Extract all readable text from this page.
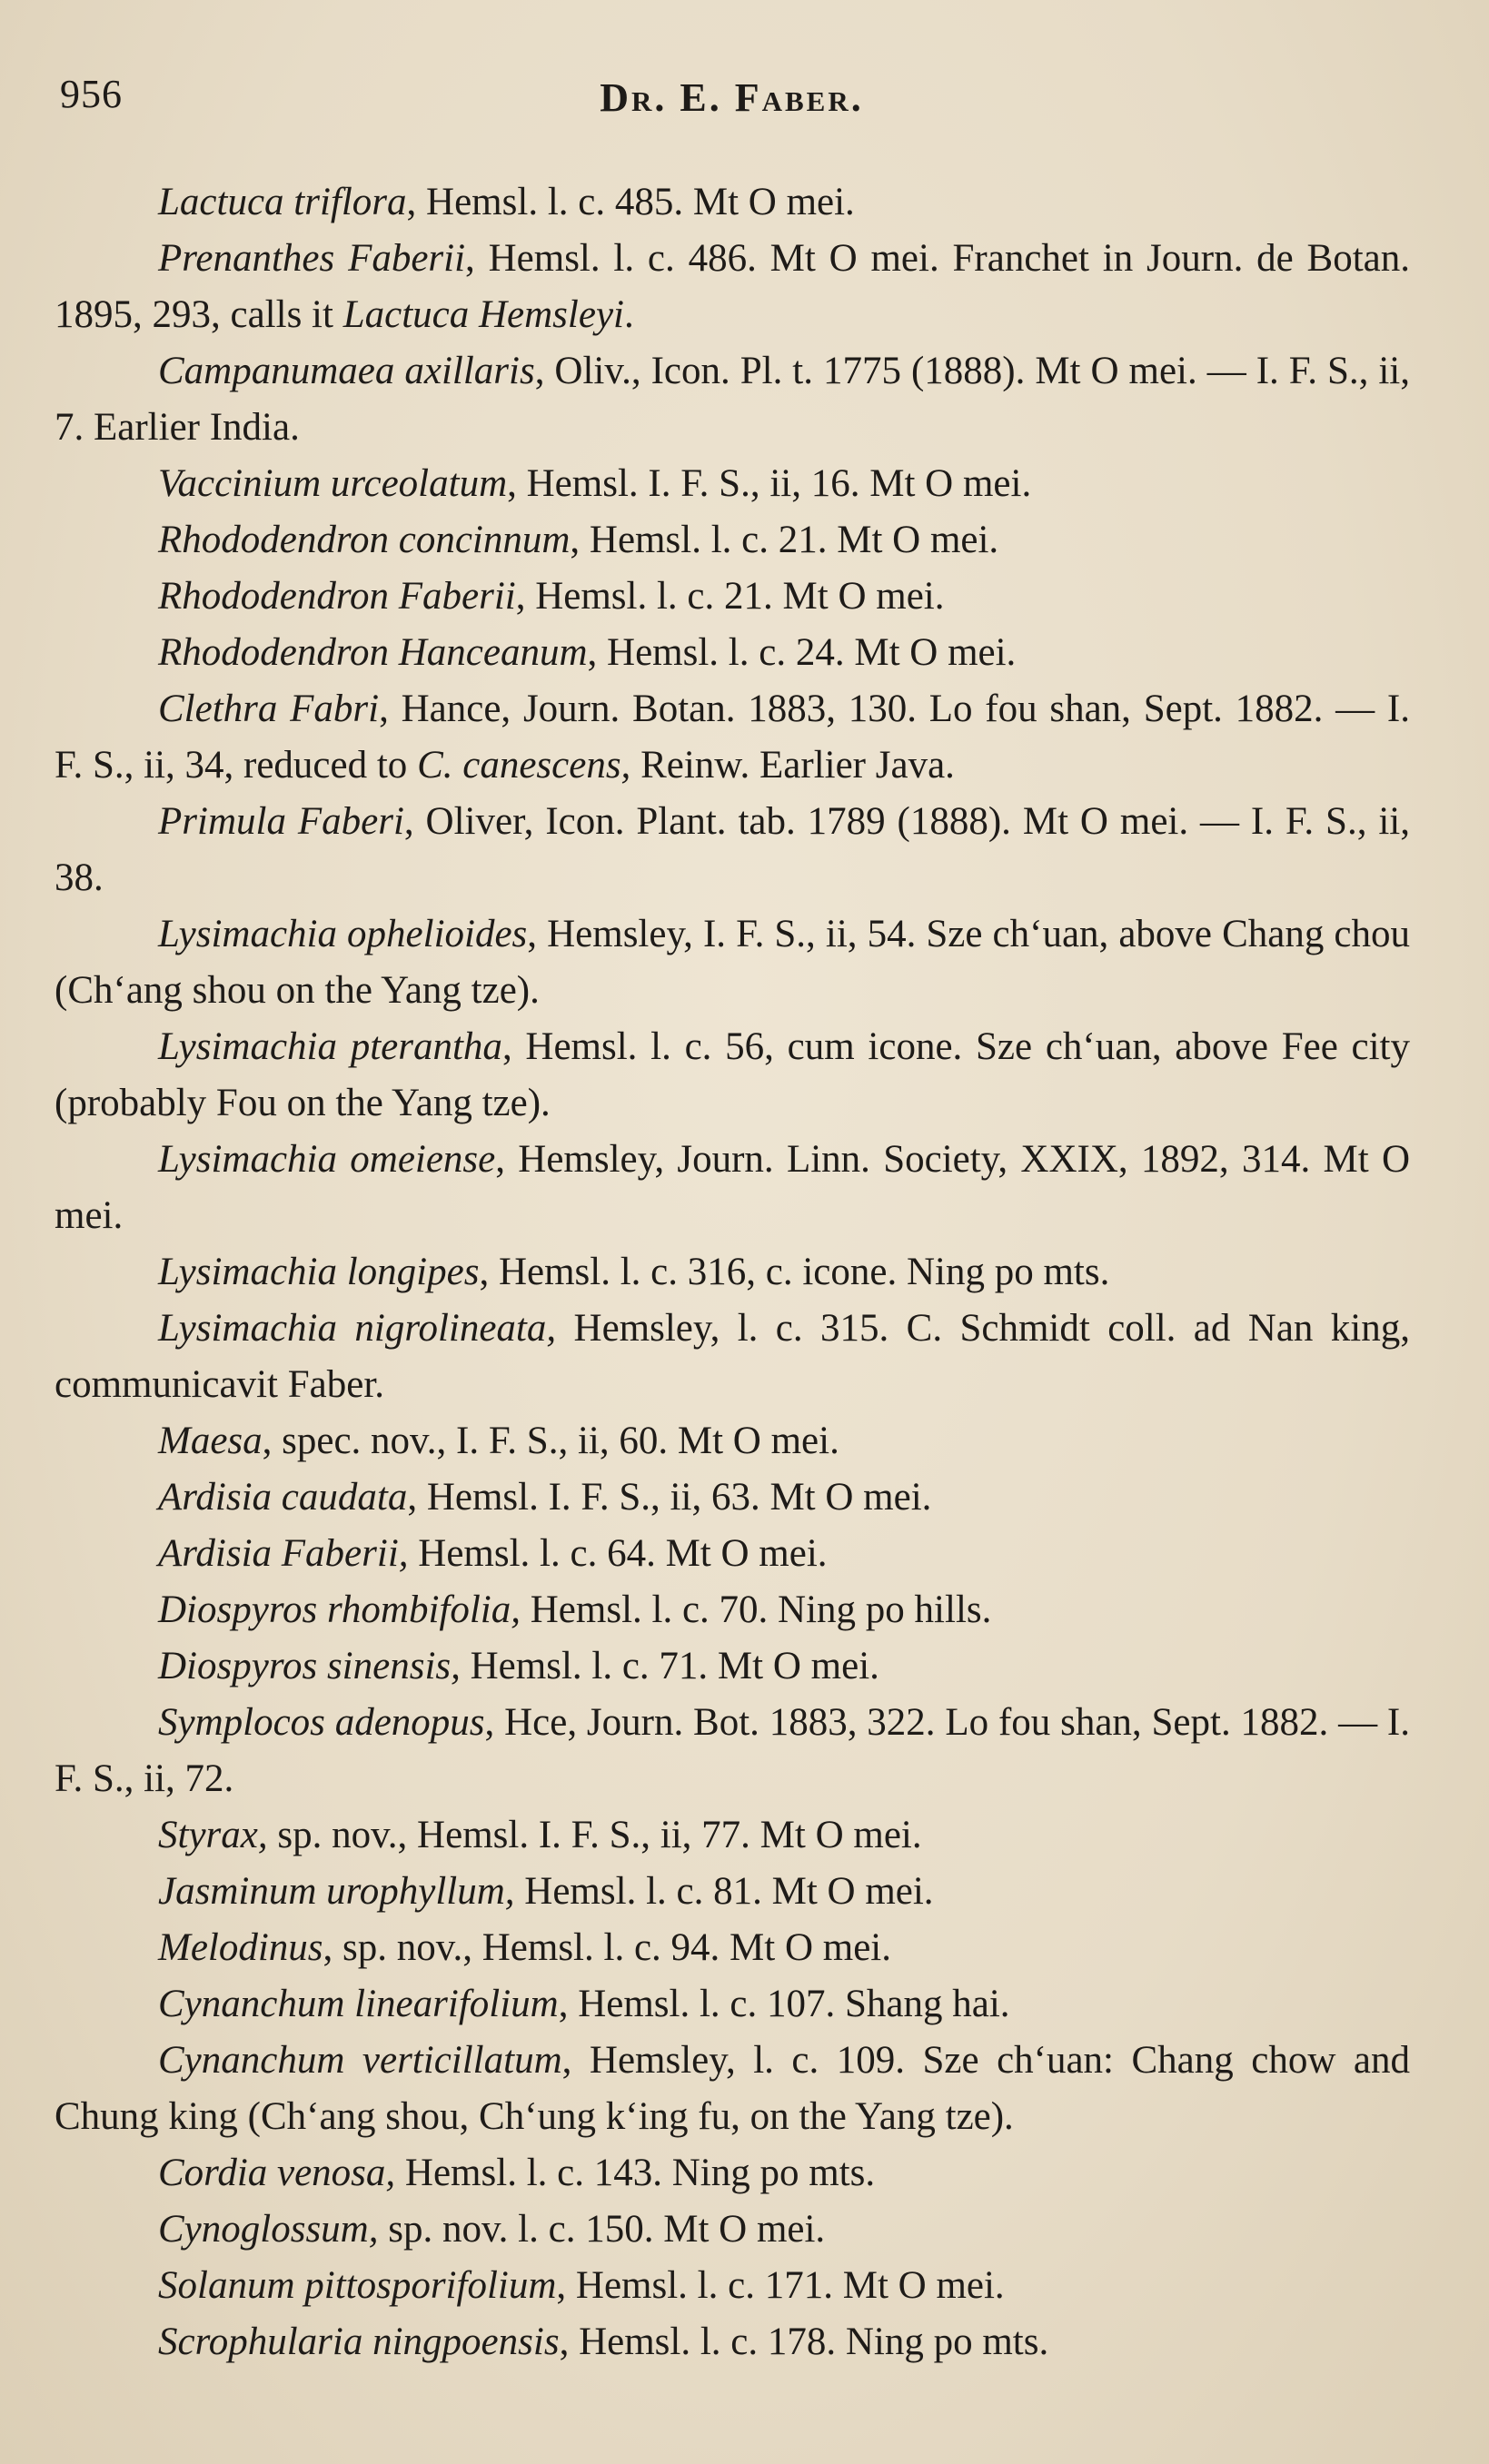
956	Dr. E. Faber.

Lactuca triflora, Hemsl. l. c. 485. Mt O mei.

Prenanthes Faberii, Hemsl. l. c. 486. Mt O mei. Franchet in Journ. de Botan. 1895, 293, calls it Lactuca Hemsleyi.

Campanumaea axillaris, Oliv., Icon. Pl. t. 1775 (1888). Mt O mei. — I. F. S., ii, 7. Earlier India.

Vaccinium urceolatum, Hemsl. I. F. S., ii, 16. Mt O mei.

Rhododendron concinnum, Hemsl. l. c. 21. Mt O mei.

Rhododendron Faberii, Hemsl. l. c. 21. Mt O mei.

Rhododendron Hanceanum, Hemsl. l. c. 24. Mt O mei.

Clethra Fabri, Hance, Journ. Botan. 1883, 130. Lo fou shan, Sept. 1882. — I. F. S., ii, 34, reduced to C. canescens, Reinw. Earlier Java.

Primula Faberi, Oliver, Icon. Plant. tab. 1789 (1888). Mt O mei. — I. F. S., ii, 38.

Lysimachia ophelioides, Hemsley, I. F. S., ii, 54. Sze chʻuan, above Chang chou (Chʻang shou on the Yang tze).

Lysimachia pterantha, Hemsl. l. c. 56, cum icone. Sze chʻuan, above Fee city (probably Fou on the Yang tze).

Lysimachia omeiense, Hemsley, Journ. Linn. Society, XXIX, 1892, 314. Mt O mei.

Lysimachia longipes, Hemsl. l. c. 316, c. icone. Ning po mts.

Lysimachia nigrolineata, Hemsley, l. c. 315. C. Schmidt coll. ad Nan king, communicavit Faber.

Maesa, spec. nov., I. F. S., ii, 60. Mt O mei.

Ardisia caudata, Hemsl. I. F. S., ii, 63. Mt O mei.

Ardisia Faberii, Hemsl. l. c. 64. Mt O mei.

Diospyros rhombifolia, Hemsl. l. c. 70. Ning po hills.

Diospyros sinensis, Hemsl. l. c. 71. Mt O mei.

Symplocos adenopus, Hce, Journ. Bot. 1883, 322. Lo fou shan, Sept. 1882. — I. F. S., ii, 72.

Styrax, sp. nov., Hemsl. I. F. S., ii, 77. Mt O mei.

Jasminum urophyllum, Hemsl. l. c. 81. Mt O mei.

Melodinus, sp. nov., Hemsl. l. c. 94. Mt O mei.

Cynanchum linearifolium, Hemsl. l. c. 107. Shang hai.

Cynanchum verticillatum, Hemsley, l. c. 109. Sze chʻuan: Chang chow and Chung king (Chʻang shou, Chʻung kʻing fu, on the Yang tze).

Cordia venosa, Hemsl. l. c. 143. Ning po mts.

Cynoglossum, sp. nov. l. c. 150. Mt O mei.

Solanum pittosporifolium, Hemsl. l. c. 171. Mt O mei.

Scrophularia ningpoensis, Hemsl. l. c. 178. Ning po mts.
